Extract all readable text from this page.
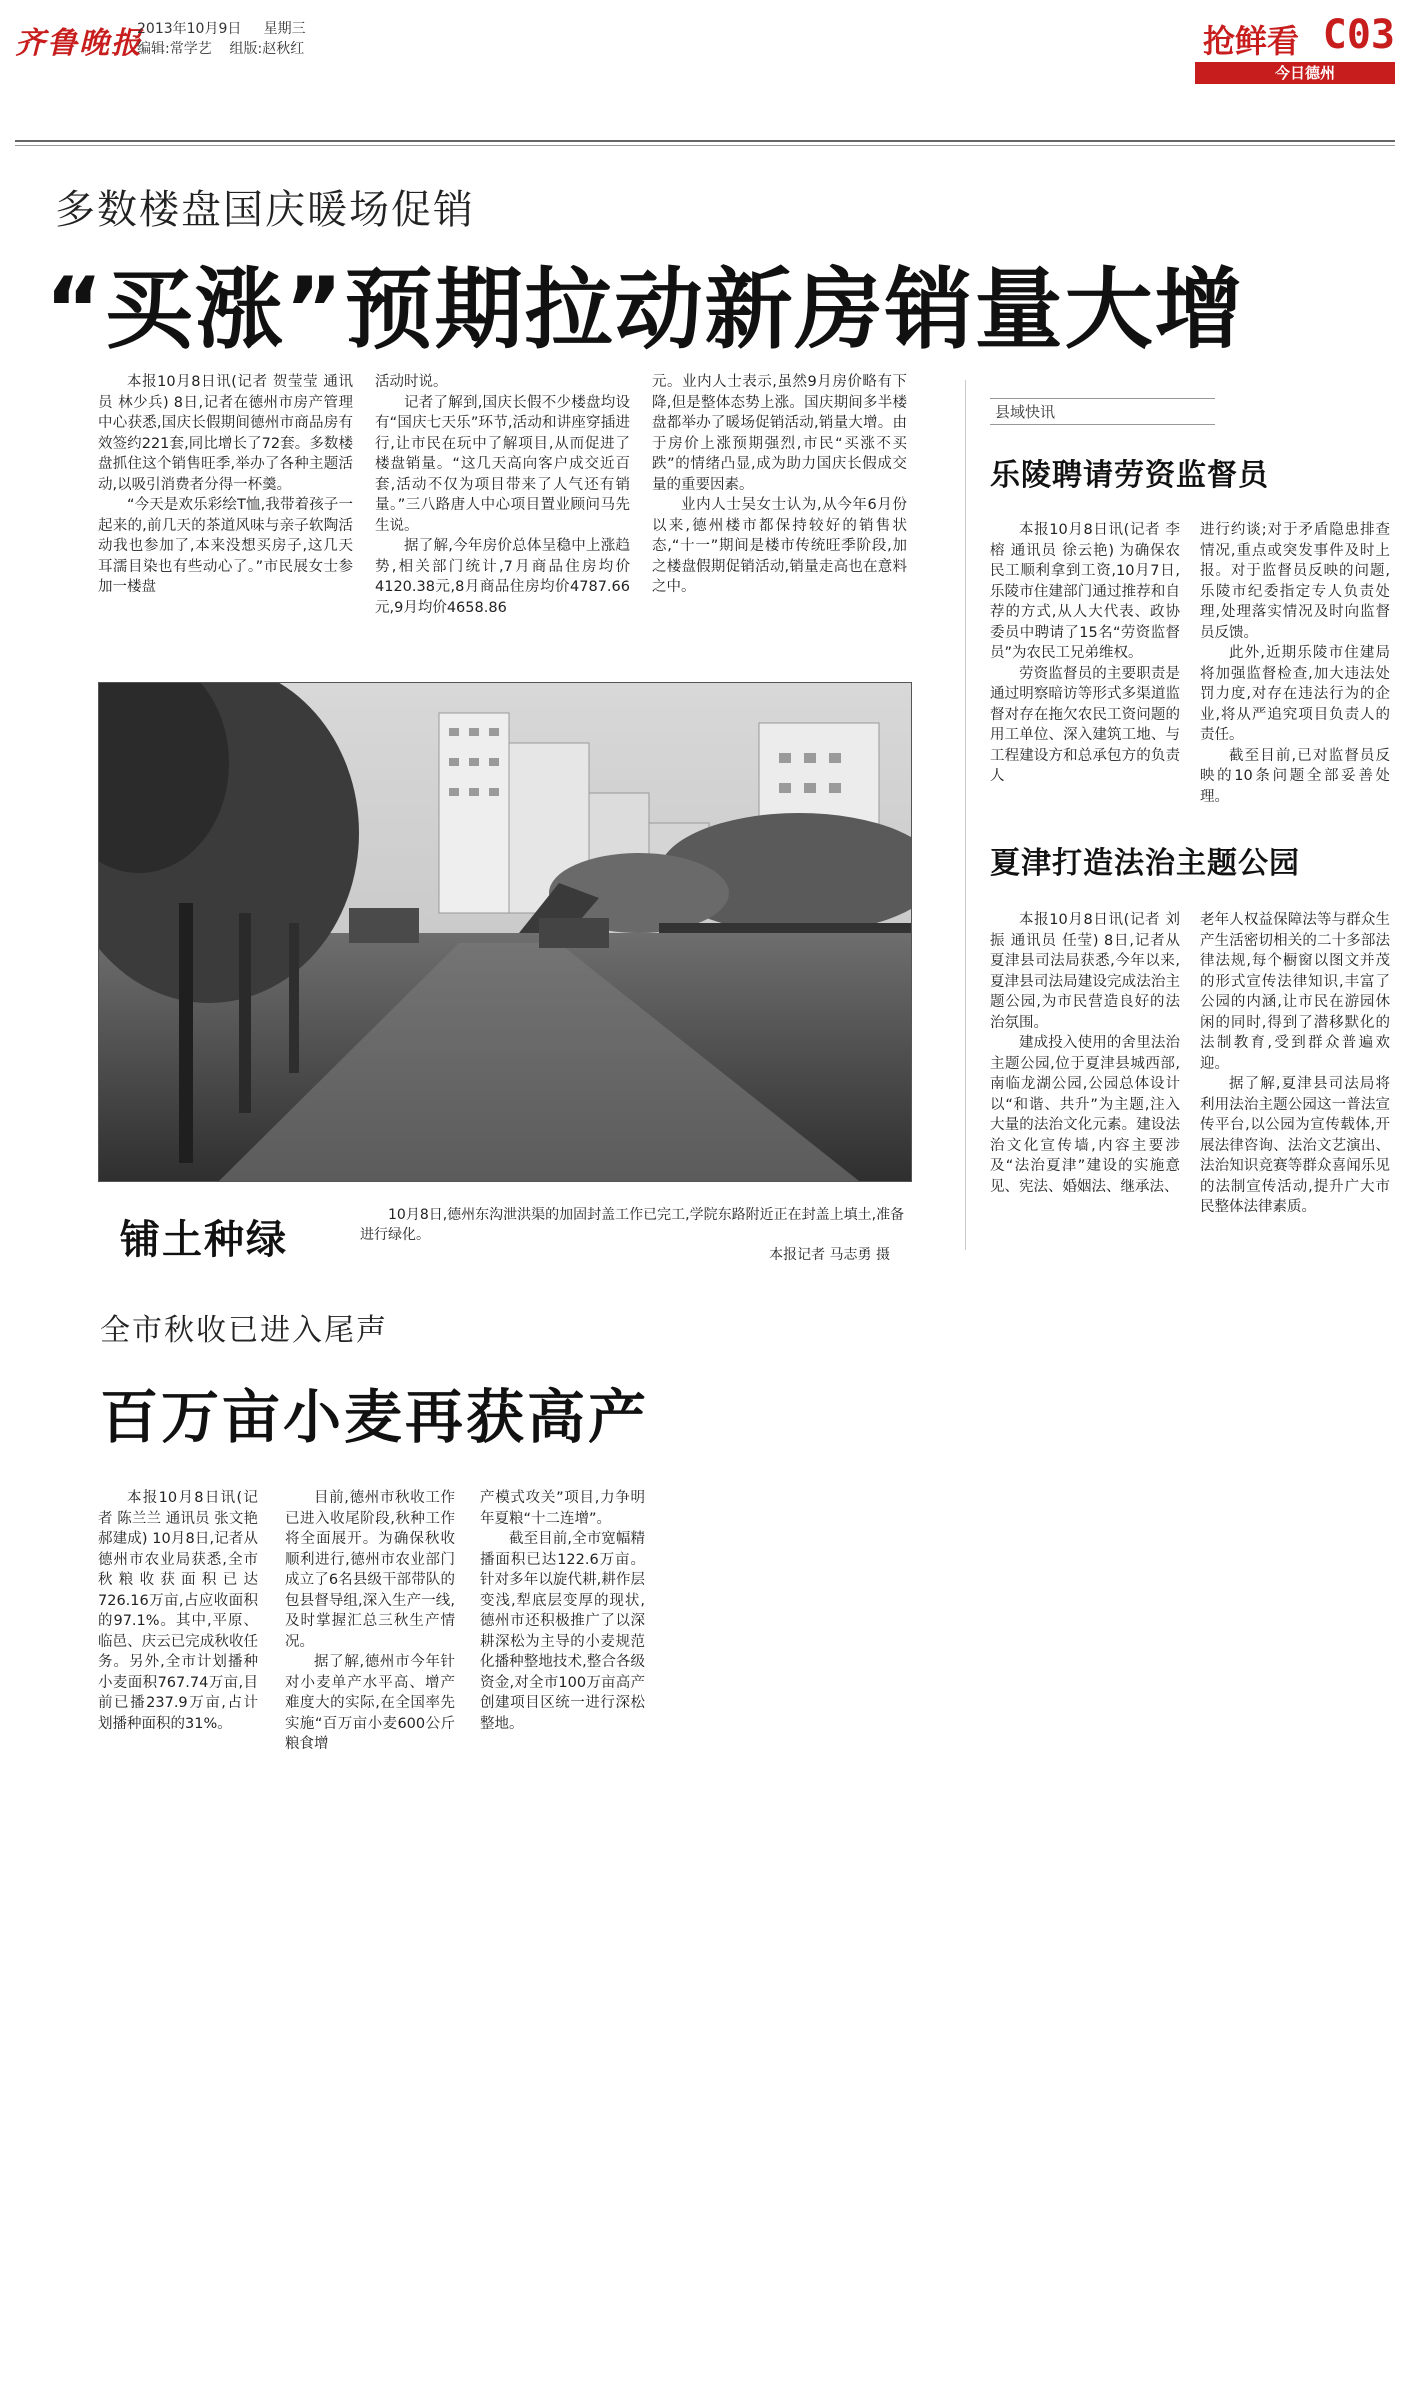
齐鲁晚报
2013年10月9日 星期三
编辑:常学艺 组版:赵秋红	抢鲜看 C03
今日德州
多数楼盘国庆暖场促销
“买涨”预期拉动新房销量大增

本报10月8日讯(记者 贺莹莹 通讯员 林少兵) 8日,记者在德州市房产管理中心获悉,国庆长假期间德州市商品房有效签约221套,同比增长了72套。多数楼盘抓住这个销售旺季,举办了各种主题活动,以吸引消费者分得一杯羹。

“今天是欢乐彩绘T恤,我带着孩子一起来的,前几天的茶道风味与亲子软陶活动我也参加了,本来没想买房子,这几天耳濡目染也有些动心了。”市民展女士参加一楼盘

活动时说。

记者了解到,国庆长假不少楼盘均设有“国庆七天乐”环节,活动和讲座穿插进行,让市民在玩中了解项目,从而促进了楼盘销量。“这几天高向客户成交近百套,活动不仅为项目带来了人气还有销量。”三八路唐人中心项目置业顾问马先生说。

据了解,今年房价总体呈稳中上涨趋势,相关部门统计,7月商品住房均价4120.38元,8月商品住房均价4787.66元,9月均价4658.86

元。业内人士表示,虽然9月房价略有下降,但是整体态势上涨。国庆期间多半楼盘都举办了暖场促销活动,销量大增。由于房价上涨预期强烈,市民“买涨不买跌”的情绪凸显,成为助力国庆长假成交量的重要因素。

业内人士吴女士认为,从今年6月份以来,德州楼市都保持较好的销售状态,“十一”期间是楼市传统旺季阶段,加之楼盘假期促销活动,销量走高也在意料之中。

铺土种绿
10月8日,德州东沟泄洪渠的加固封盖工作已完工,学院东路附近正在封盖上填土,准备进行绿化。
本报记者 马志勇 摄
全市秋收已进入尾声
百万亩小麦再获高产

本报10月8日讯(记者 陈兰兰 通讯员 张文艳 郝建成) 10月8日,记者从德州市农业局获悉,全市秋粮收获面积已达726.16万亩,占应收面积的97.1%。其中,平原、临邑、庆云已完成秋收任务。另外,全市计划播种小麦面积767.74万亩,目前已播237.9万亩,占计划播种面积的31%。

目前,德州市秋收工作已进入收尾阶段,秋种工作将全面展开。为确保秋收顺利进行,德州市农业部门成立了6名县级干部带队的包县督导组,深入生产一线,及时掌握汇总三秋生产情况。

据了解,德州市今年针对小麦单产水平高、增产难度大的实际,在全国率先实施“百万亩小麦600公斤粮食增

产模式攻关”项目,力争明年夏粮“十二连增”。

截至目前,全市宽幅精播面积已达122.6万亩。针对多年以旋代耕,耕作层变浅,犁底层变厚的现状,德州市还积极推广了以深耕深松为主导的小麦规范化播种整地技术,整合各级资金,对全市100万亩高产创建项目区统一进行深松整地。

县域快讯
乐陵聘请劳资监督员

本报10月8日讯(记者 李榕 通讯员 徐云艳) 为确保农民工顺利拿到工资,10月7日,乐陵市住建部门通过推荐和自荐的方式,从人大代表、政协委员中聘请了15名“劳资监督员”为农民工兄弟维权。

劳资监督员的主要职责是通过明察暗访等形式多渠道监督对存在拖欠农民工资问题的用工单位、深入建筑工地、与工程建设方和总承包方的负责人

进行约谈;对于矛盾隐患排查情况,重点或突发事件及时上报。对于监督员反映的问题,乐陵市纪委指定专人负责处理,处理落实情况及时向监督员反馈。

此外,近期乐陵市住建局将加强监督检查,加大违法处罚力度,对存在违法行为的企业,将从严追究项目负责人的责任。

截至目前,已对监督员反映的10条问题全部妥善处理。

夏津打造法治主题公园

本报10月8日讯(记者 刘振 通讯员 任莹) 8日,记者从夏津县司法局获悉,今年以来,夏津县司法局建设完成法治主题公园,为市民营造良好的法治氛围。

建成投入使用的舍里法治主题公园,位于夏津县城西部,南临龙湖公园,公园总体设计以“和谐、共升”为主题,注入大量的法治文化元素。建设法治文化宣传墙,内容主要涉及“法治夏津”建设的实施意见、宪法、婚姻法、继承法、

老年人权益保障法等与群众生产生活密切相关的二十多部法律法规,每个橱窗以图文并茂的形式宣传法律知识,丰富了公园的内涵,让市民在游园休闲的同时,得到了潜移默化的法制教育,受到群众普遍欢迎。

据了解,夏津县司法局将利用法治主题公园这一普法宣传平台,以公园为宣传载体,开展法律咨询、法治文艺演出、法治知识竞赛等群众喜闻乐见的法制宣传活动,提升广大市民整体法律素质。
